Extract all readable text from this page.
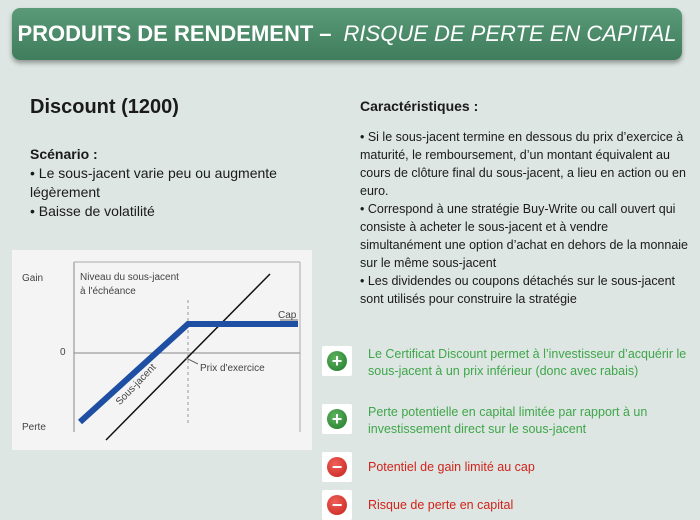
PRODUITS DE RENDEMENT – RISQUE DE PERTE EN CAPITAL
Discount (1200)
Scénario :
• Le sous-jacent varie peu ou augmente légèrement
• Baisse de volatilité
Gain
0
Perte
Niveau du sous-jacent
à l'échéance
Cap
Prix d'exercice
Sous-jacent
Caractéristiques :
• Si le sous-jacent termine en dessous du prix d’exercice à maturité, le remboursement, d’un montant équivalent au cours de clôture final du sous-jacent, a lieu en action ou en euro.
• Correspond à une stratégie Buy-Write ou call ouvert qui consiste à acheter le sous-jacent et à vendre simultanément une option d’achat en dehors de la monnaie sur le même sous-jacent
• Les dividendes ou coupons détachés sur le sous-jacent sont utilisés pour construire la stratégie
+	Le Certificat Discount permet à l’investisseur d’acquérir le sous-jacent à un prix inférieur (donc avec rabais)
+	Perte potentielle en capital limitée par rapport à un investissement direct sur le sous-jacent
−	Potentiel de gain limité au cap
−	Risque de perte en capital
